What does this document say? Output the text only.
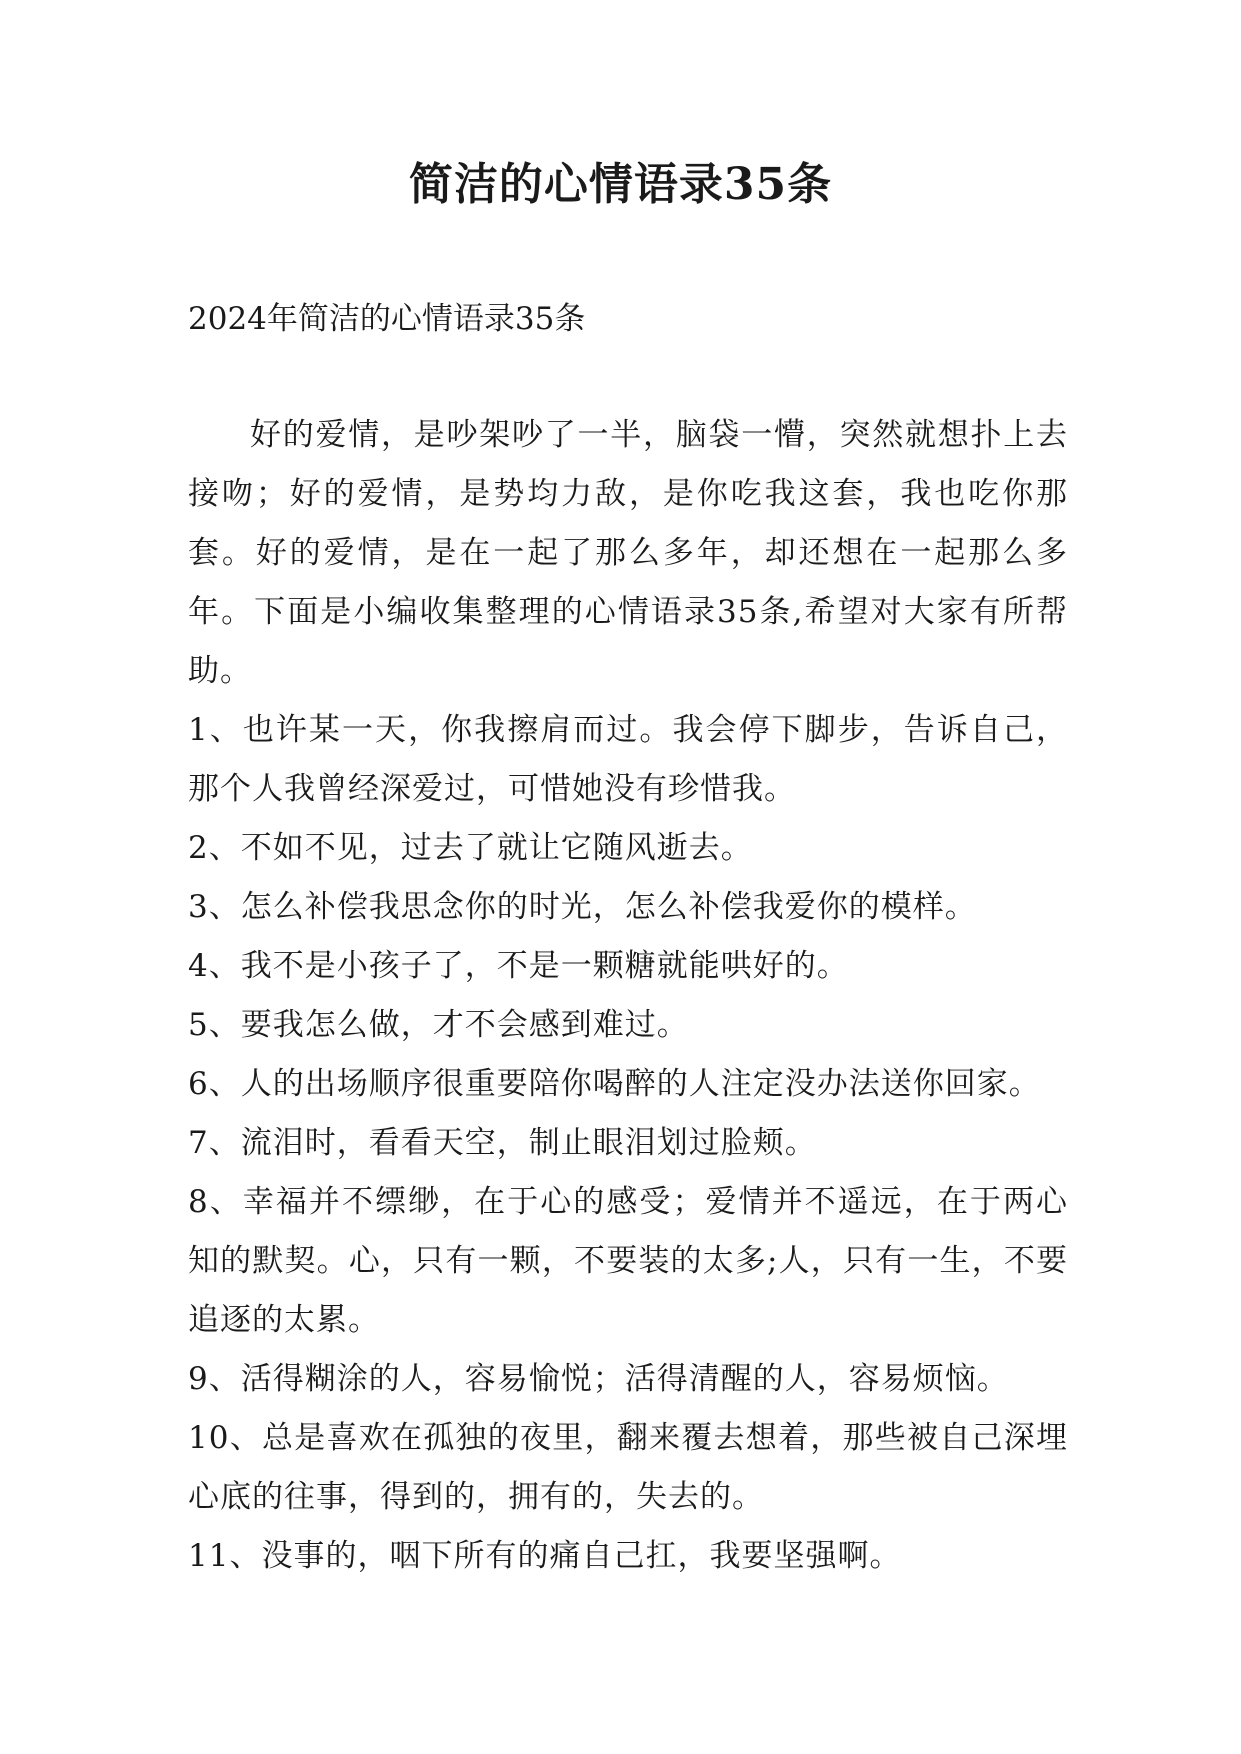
简洁的心情语录35条
2024年简洁的心情语录35条

好的爱情，是吵架吵了一半，脑袋一懵，突然就想扑上去接吻；好的爱情，是势均力敌，是你吃我这套，我也吃你那套。好的爱情，是在一起了那么多年，却还想在一起那么多年。下面是小编收集整理的心情语录35条,希望对大家有所帮助。

1、也许某一天，你我擦肩而过。我会停下脚步，告诉自己，那个人我曾经深爱过，可惜她没有珍惜我。

2、不如不见，过去了就让它随风逝去。

3、怎么补偿我思念你的时光，怎么补偿我爱你的模样。

4、我不是小孩子了，不是一颗糖就能哄好的。

5、要我怎么做，才不会感到难过。

6、人的出场顺序很重要陪你喝醉的人注定没办法送你回家。

7、流泪时，看看天空，制止眼泪划过脸颊。

8、幸福并不缥缈，在于心的感受；爱情并不遥远，在于两心知的默契。心，只有一颗，不要装的太多;人，只有一生，不要追逐的太累。

9、活得糊涂的人，容易愉悦；活得清醒的人，容易烦恼。

10、总是喜欢在孤独的夜里，翻来覆去想着，那些被自己深埋心底的往事，得到的，拥有的，失去的。

11、没事的，咽下所有的痛自己扛，我要坚强啊。
